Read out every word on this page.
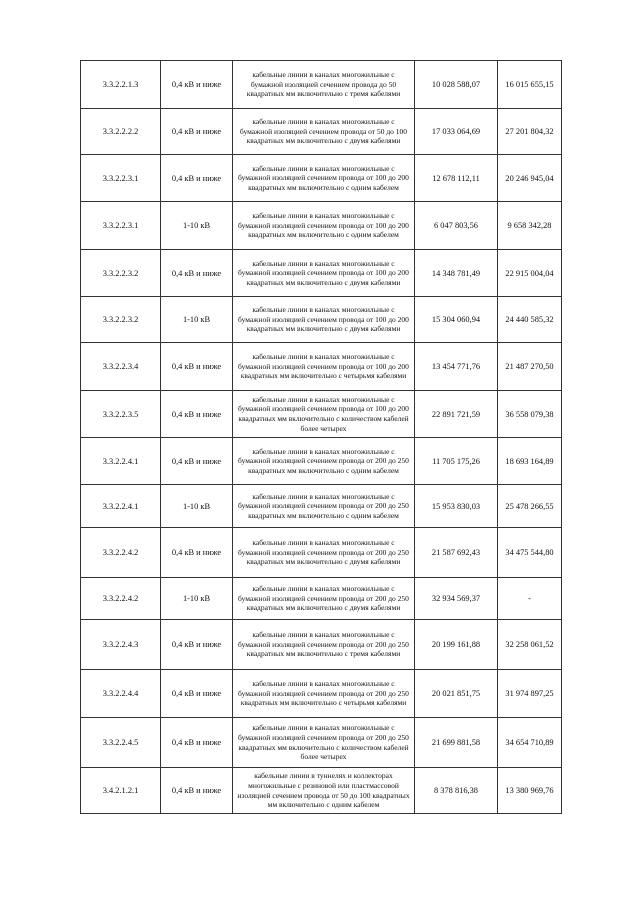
3.3.2.2.1.3	0,4 кВ и ниже	кабельные линии в каналах многожильные с бумажной изоляцией сечением провода до 50 квадратных мм включительно с тремя кабелями	10 028 588,07	16 015 655,15
3.3.2.2.2.2	0,4 кВ и ниже	кабельные линии в каналах многожильные с бумажной изоляцией сечением провода от 50 до 100 квадратных мм включительно с двумя кабелями	17 033 064,69	27 201 804,32
3.3.2.2.3.1	0,4 кВ и ниже	кабельные линии в каналах многожильные с бумажной изоляцией сечением провода от 100 до 200 квадратных мм включительно с одним кабелем	12 678 112,11	20 246 945,04
3.3.2.2.3.1	1-10 кВ	кабельные линии в каналах многожильные с бумажной изоляцией сечением провода от 100 до 200 квадратных мм включительно с одним кабелем	6 047 803,56	9 658 342,28
3.3.2.2.3.2	0,4 кВ и ниже	кабельные линии в каналах многожильные с бумажной изоляцией сечением провода от 100 до 200 квадратных мм включительно с двумя кабелями	14 348 781,49	22 915 004,04
3.3.2.2.3.2	1-10 кВ	кабельные линии в каналах многожильные с бумажной изоляцией сечением провода от 100 до 200 квадратных мм включительно с двумя кабелями	15 304 060,94	24 440 585,32
3.3.2.2.3.4	0,4 кВ и ниже	кабельные линии в каналах многожильные с бумажной изоляцией сечением провода от 100 до 200 квадратных мм включительно с четырьмя кабелями	13 454 771,76	21 487 270,50
3.3.2.2.3.5	0,4 кВ и ниже	кабельные линии в каналах многожильные с бумажной изоляцией сечением провода от 100 до 200 квадратных мм включительно с количеством кабелей более четырех	22 891 721,59	36 558 079,38
3.3.2.2.4.1	0,4 кВ и ниже	кабельные линии в каналах многожильные с бумажной изоляцией сечением провода от 200 до 250 квадратных мм включительно с одним кабелем	11 705 175,26	18 693 164,89
3.3.2.2.4.1	1-10 кВ	кабельные линии в каналах многожильные с бумажной изоляцией сечением провода от 200 до 250 квадратных мм включительно с одним кабелем	15 953 830,03	25 478 266,55
3.3.2.2.4.2	0,4 кВ и ниже	кабельные линии в каналах многожильные с бумажной изоляцией сечением провода от 200 до 250 квадратных мм включительно с двумя кабелями	21 587 692,43	34 475 544,80
3.3.2.2.4.2	1-10 кВ	кабельные линии в каналах многожильные с бумажной изоляцией сечением провода от 200 до 250 квадратных мм включительно с двумя кабелями	32 934 569,37	-
3.3.2.2.4.3	0,4 кВ и ниже	кабельные линии в каналах многожильные с бумажной изоляцией сечением провода от 200 до 250 квадратных мм включительно с тремя кабелями	20 199 161,88	32 258 061,52
3.3.2.2.4.4	0,4 кВ и ниже	кабельные линии в каналах многожильные с бумажной изоляцией сечением провода от 200 до 250 квадратных мм включительно с четырьмя кабелями	20 021 851,75	31 974 897,25
3.3.2.2.4.5	0,4 кВ и ниже	кабельные линии в каналах многожильные с бумажной изоляцией сечением провода от 200 до 250 квадратных мм включительно с количеством кабелей более четырех	21 699 881,58	34 654 710,89
3.4.2.1.2.1	0,4 кВ и ниже	кабельные линии в туннелях и коллекторах многожильные с резиновой или пластмассовой изоляцией сечением провода от 50 до 100 квадратных мм включительно с одним кабелем	8 378 816,38	13 380 969,76
